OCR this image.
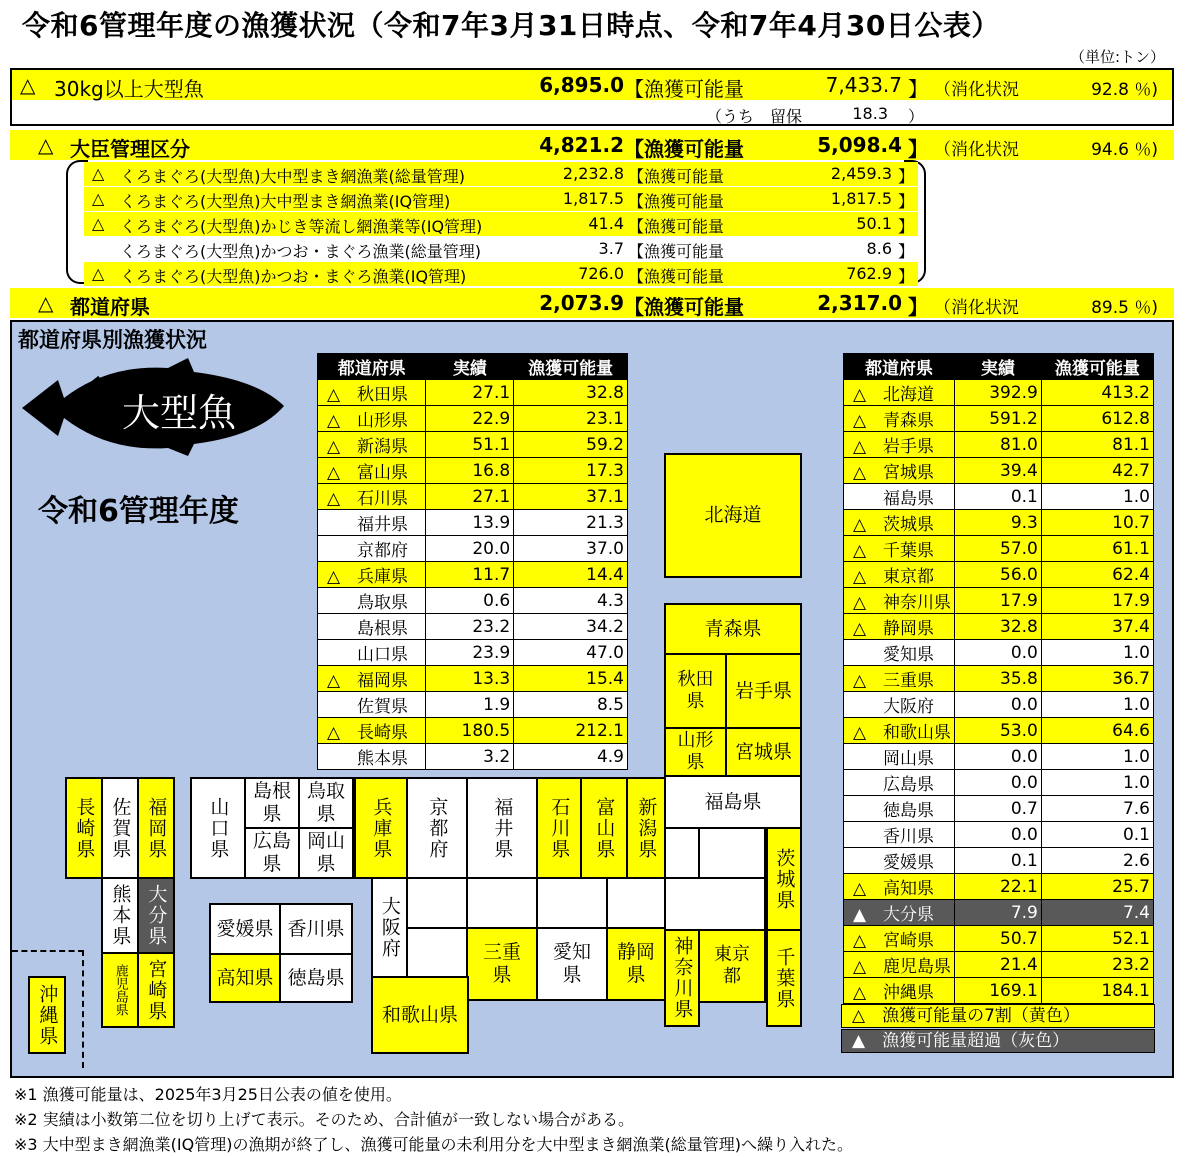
令和6管理年度の漁獲状況（令和7年3月31日時点、令和7年4月30日公表）
（単位:トン）
△ 30kg以上大型魚	6,895.0 【漁獲可能量	7,433.7 】 （消化状況	92.8 ％)
（うち　留保	18.3 ）
△ 大臣管理区分	4,821.2 【漁獲可能量	5,098.4 】 （消化状況	94.6 ％)
△ くろまぐろ(大型魚)大中型まき網漁業(総量管理)	2,232.8 【漁獲可能量	2,459.3 】
△ くろまぐろ(大型魚)大中型まき網漁業(IQ管理)	1,817.5 【漁獲可能量	1,817.5 】
△ くろまぐろ(大型魚)かじき等流し網漁業等(IQ管理)	41.4 【漁獲可能量	50.1 】
くろまぐろ(大型魚)かつお・まぐろ漁業(総量管理)	3.7 【漁獲可能量	8.6 】
△ くろまぐろ(大型魚)かつお・まぐろ漁業(IQ管理)	726.0 【漁獲可能量	762.9 】
△ 都道府県	2,073.9 【漁獲可能量	2,317.0 】 （消化状況	89.5 ％)
都道府県別漁獲状況
大型魚
令和6管理年度
都道府県	実績	漁獲可能量
△ 秋田県	27.1	32.8
△ 山形県	22.9	23.1
△ 新潟県	51.1	59.2
△ 富山県	16.8	17.3
△ 石川県	27.1	37.1
福井県	13.9	21.3
京都府	20.0	37.0
△ 兵庫県	11.7	14.4
鳥取県	0.6	4.3
島根県	23.2	34.2
山口県	23.9	47.0
△ 福岡県	13.3	15.4
佐賀県	1.9	8.5
△ 長崎県	180.5	212.1
熊本県	3.2	4.9
都道府県	実績	漁獲可能量
△ 北海道	392.9	413.2
△ 青森県	591.2	612.8
△ 岩手県	81.0	81.1
△ 宮城県	39.4	42.7
福島県	0.1	1.0
△ 茨城県	9.3	10.7
△ 千葉県	57.0	61.1
△ 東京都	56.0	62.4
△ 神奈川県	17.9	17.9
△ 静岡県	32.8	37.4
愛知県	0.0	1.0
△ 三重県	35.8	36.7
大阪府	0.0	1.0
△ 和歌山県	53.0	64.6
岡山県	0.0	1.0
広島県	0.0	1.0
徳島県	0.7	7.6
香川県	0.0	0.1
愛媛県	0.1	2.6
△ 高知県	22.1	25.7
▲ 大分県	7.9	7.4
△ 宮崎県	50.7	52.1
△ 鹿児島県	21.4	23.2
△ 沖縄県	169.1	184.1
△　漁獲可能量の7割（黄色）
▲　漁獲可能量超過（灰色）
北海道
青森県
秋田県	岩手県
山形県	宮城県
福島県
茨城県
神奈川県	東京都	千葉県
長崎県 佐賀県 福岡県
熊本県 大分県
鹿児島県 宮崎県
沖縄県
山口県
島根県
鳥取県
広島県
岡山県
兵庫県	京都府	福井県	石川県	富山県	新潟県
愛媛県 香川県
高知県 徳島県
大阪府	三重県
愛知県
静岡県
和歌山県
※1 漁獲可能量は、2025年3月25日公表の値を使用。
※2 実績は小数第二位を切り上げて表示。そのため、合計値が一致しない場合がある。
※3 大中型まき網漁業(IQ管理)の漁期が終了し、漁獲可能量の未利用分を大中型まき網漁業(総量管理)へ繰り入れた。
